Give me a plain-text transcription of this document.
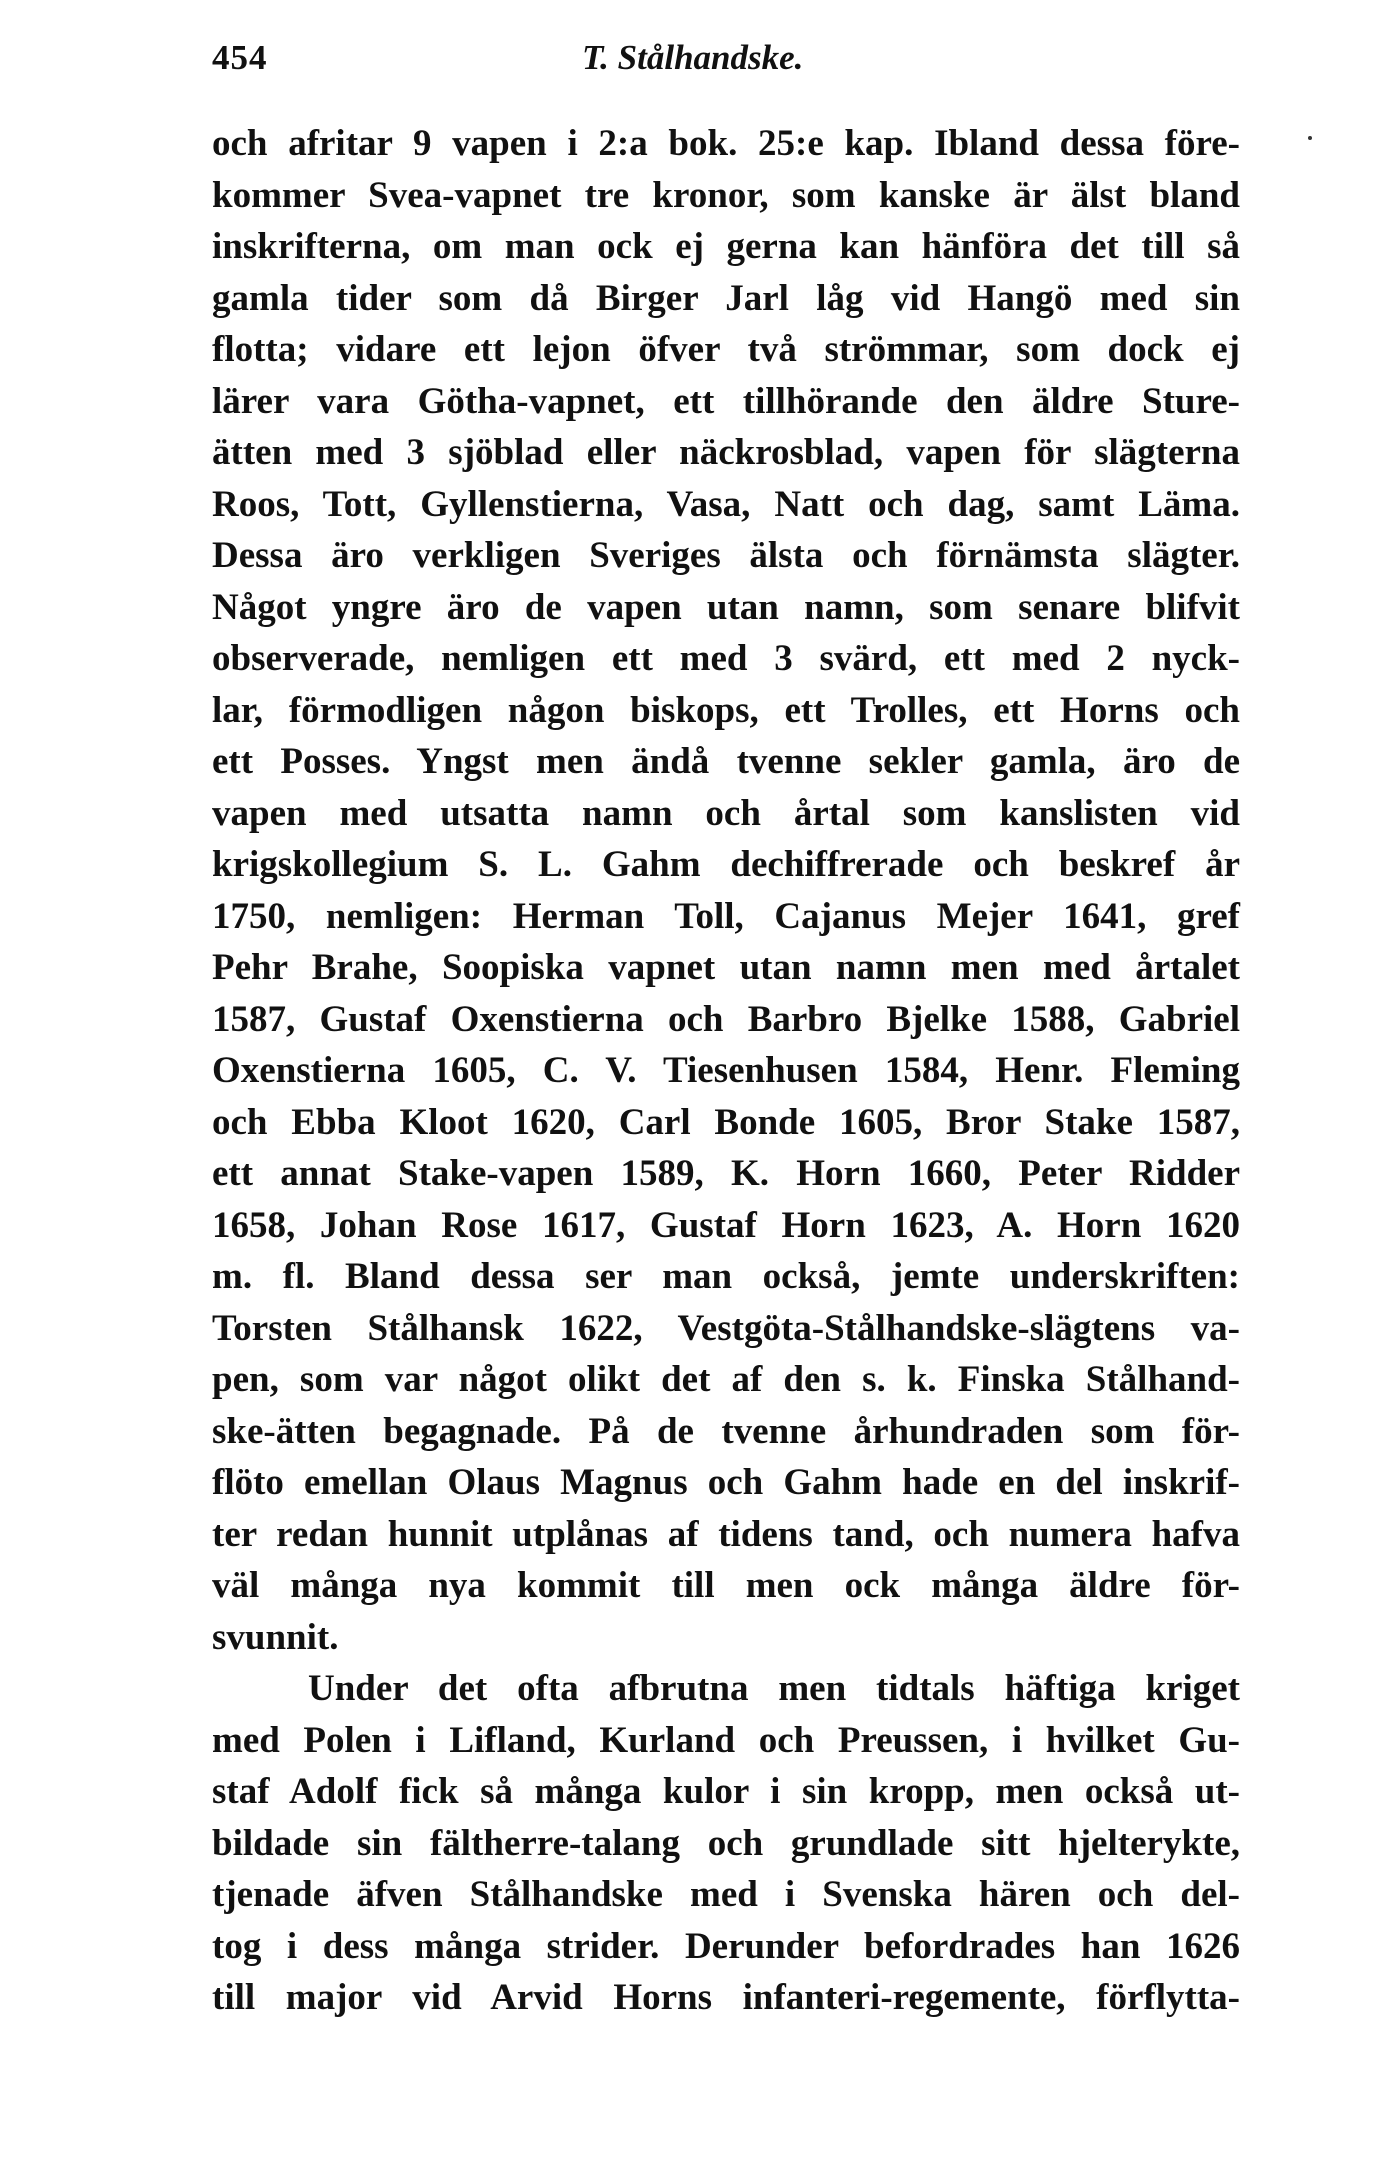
454	T. Stålhandske.
och afritar 9 vapen i 2:a bok. 25:e kap. Ibland dessa före-
kommer Svea-vapnet tre kronor, som kanske är älst bland
inskrifterna, om man ock ej gerna kan hänföra det till så
gamla tider som då Birger Jarl låg vid Hangö med sin
flotta; vidare ett lejon öfver två strömmar, som dock ej
lärer vara Götha-vapnet, ett tillhörande den äldre Sture-
ätten med 3 sjöblad eller näckrosblad, vapen för slägterna
Roos, Tott, Gyllenstierna, Vasa, Natt och dag, samt Läma.
Dessa äro verkligen Sveriges älsta och förnämsta slägter.
Något yngre äro de vapen utan namn, som senare blifvit
observerade, nemligen ett med 3 svärd, ett med 2 nyck-
lar, förmodligen någon biskops, ett Trolles, ett Horns och
ett Posses. Yngst men ändå tvenne sekler gamla, äro de
vapen med utsatta namn och årtal som kanslisten vid
krigskollegium S. L. Gahm dechiffrerade och beskref år
1750, nemligen: Herman Toll, Cajanus Mejer 1641, gref
Pehr Brahe, Soopiska vapnet utan namn men med årtalet
1587, Gustaf Oxenstierna och Barbro Bjelke 1588, Gabriel
Oxenstierna 1605, C. V. Tiesenhusen 1584, Henr. Fleming
och Ebba Kloot 1620, Carl Bonde 1605, Bror Stake 1587,
ett annat Stake-vapen 1589, K. Horn 1660, Peter Ridder
1658, Johan Rose 1617, Gustaf Horn 1623, A. Horn 1620
m. fl. Bland dessa ser man också, jemte underskriften:
Torsten Stålhansk 1622, Vestgöta-Stålhandske-slägtens va-
pen, som var något olikt det af den s. k. Finska Stålhand-
ske-ätten begagnade. På de tvenne århundraden som för-
flöto emellan Olaus Magnus och Gahm hade en del inskrif-
ter redan hunnit utplånas af tidens tand, och numera hafva
väl många nya kommit till men ock många äldre för-
svunnit.
Under det ofta afbrutna men tidtals häftiga kriget
med Polen i Lifland, Kurland och Preussen, i hvilket Gu-
staf Adolf fick så många kulor i sin kropp, men också ut-
bildade sin fältherre-talang och grundlade sitt hjelterykte,
tjenade äfven Stålhandske med i Svenska hären och del-
tog i dess många strider. Derunder befordrades han 1626
till major vid Arvid Horns infanteri-regemente, förflytta-
